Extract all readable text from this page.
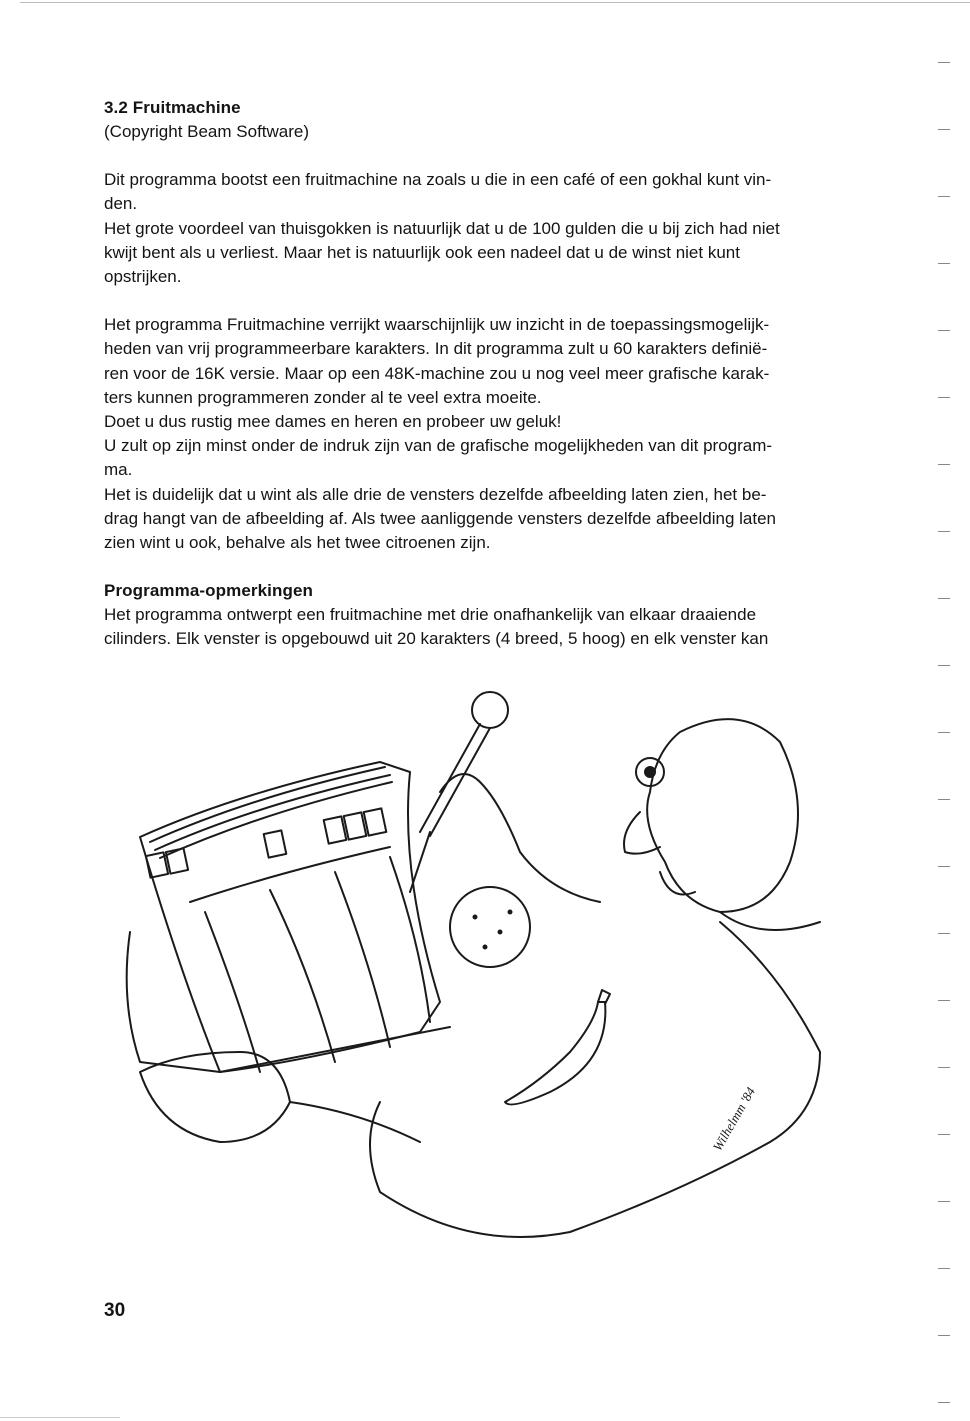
3.2 Fruitmachine

(Copyright Beam Software)

Dit programma bootst een fruitmachine na zoals u die in een café of een gokhal kunt vin-
den.
Het grote voordeel van thuisgokken is natuurlijk dat u de 100 gulden die u bij zich had niet
kwijt bent als u verliest. Maar het is natuurlijk ook een nadeel dat u de winst niet kunt
opstrijken.

Het programma Fruitmachine verrijkt waarschijnlijk uw inzicht in de toepassingsmogelijk-
heden van vrij programmeerbare karakters. In dit programma zult u 60 karakters definië-
ren voor de 16K versie. Maar op een 48K-machine zou u nog veel meer grafische karak-
ters kunnen programmeren zonder al te veel extra moeite.
Doet u dus rustig mee dames en heren en probeer uw geluk!
U zult op zijn minst onder de indruk zijn van de grafische mogelijkheden van dit program-
ma.
Het is duidelijk dat u wint als alle drie de vensters dezelfde afbeelding laten zien, het be-
drag hangt van de afbeelding af. Als twee aanliggende vensters dezelfde afbeelding laten
zien wint u ook, behalve als het twee citroenen zijn.

Programma-opmerkingen

Het programma ontwerpt een fruitmachine met drie onafhankelijk van elkaar draaiende
cilinders. Elk venster is opgebouwd uit 20 karakters (4 breed, 5 hoog) en elk venster kan

Wilhelmm '84

30
